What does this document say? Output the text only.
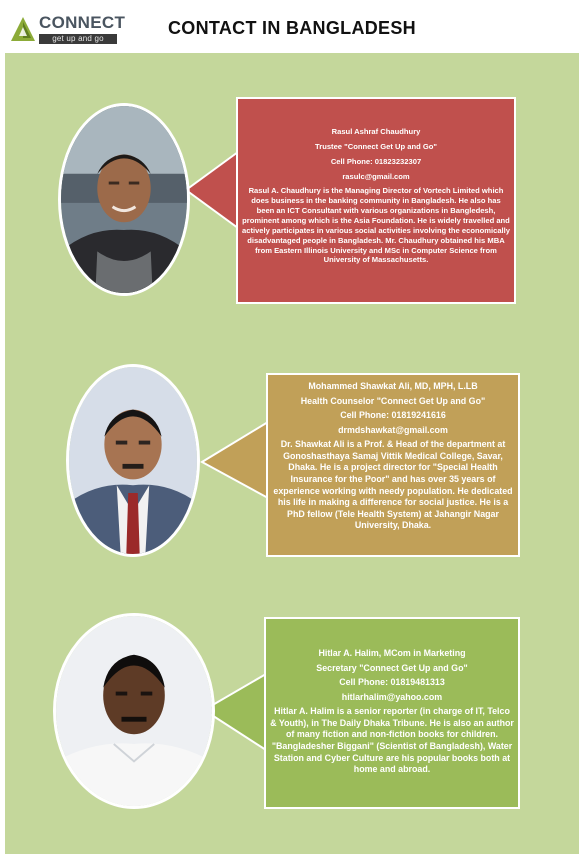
CONNECT
get up and go
CONTACT IN BANGLADESH
Rasul Ashraf Chaudhury
Trustee "Connect Get Up and Go"
Cell Phone: 01823232307
rasulc@gmail.com
Rasul A. Chaudhury is the Managing Director of Vortech Limited which does business in the banking community in Bangladesh. He also has been an ICT Consultant with various organizations in Bangledesh, prominent among which is the Asia Foundation. He is widely travelled and actively participates in various social activities involving the economically disadvantaged people in Bangladesh. Mr. Chaudhury obtained his MBA from Eastern Illinois University and MSc in Computer Science from University of Massachusetts.
Mohammed Shawkat Ali, MD, MPH, L.LB
Health Counselor "Connect Get Up and Go"
Cell Phone: 01819241616
drmdshawkat@gmail.com
Dr. Shawkat Ali is a Prof. & Head of the department at Gonoshasthaya Samaj Vittik Medical College, Savar, Dhaka. He is a project director for "Special Health Insurance for the Poor" and has over 35 years of experience working with needy population. He dedicated his life in making a difference for social justice. He is a PhD fellow (Tele Health System) at Jahangir Nagar University, Dhaka.
Hitlar A. Halim, MCom in Marketing
Secretary "Connect Get Up and Go"
Cell Phone: 01819481313
hitlarhalim@yahoo.com
Hitlar A. Halim is a senior reporter (in charge of IT, Telco & Youth), in The Daily Dhaka Tribune. He is also an author of many fiction and non-fiction books for children. "Bangladesher Biggani" (Scientist of Bangladesh), Water Station and Cyber Culture are his popular books both at home and abroad.
